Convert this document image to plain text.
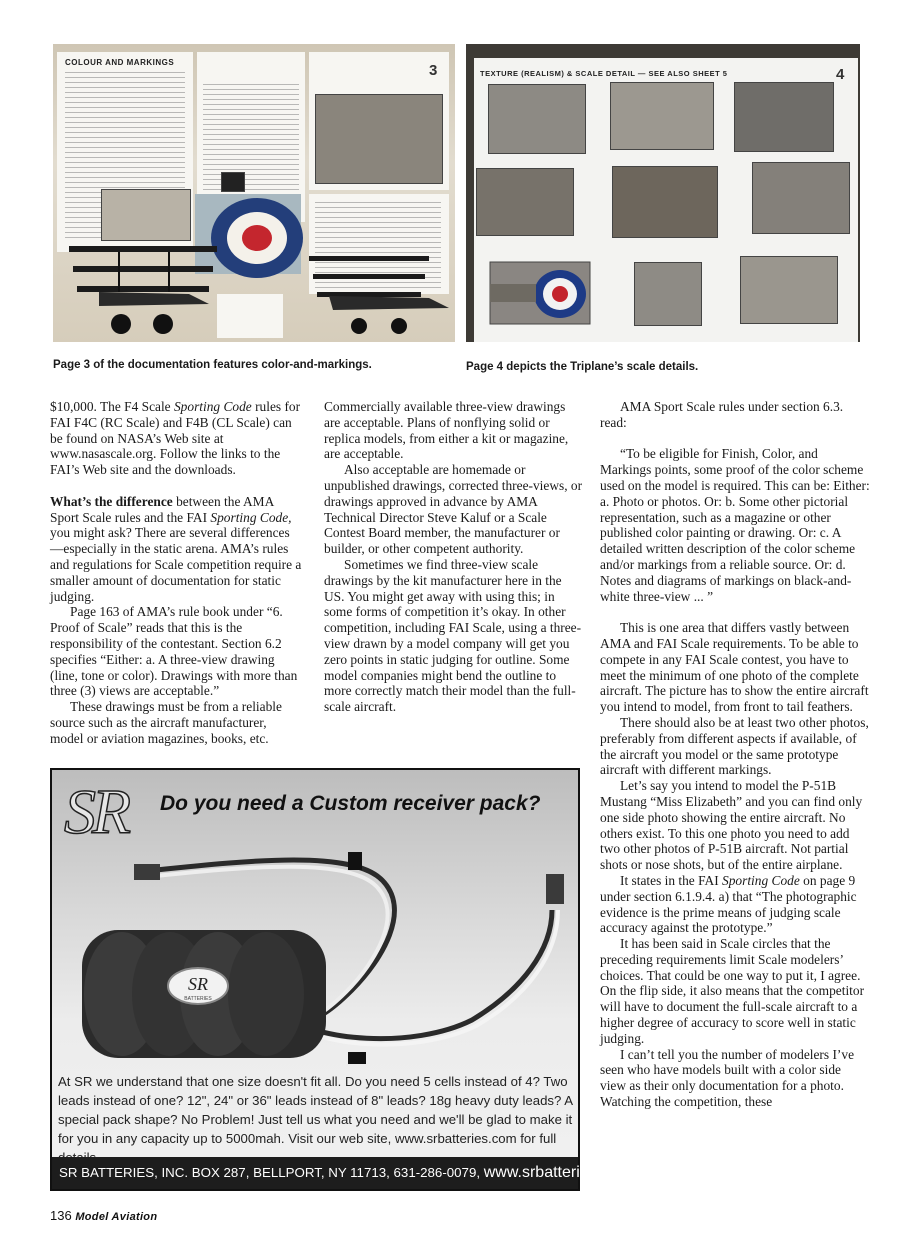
COLOUR AND MARKINGS	3	TEXTURE (REALISM) & SCALE DETAIL — SEE ALSO SHEET 5	4
Page 3 of the documentation features color-and-markings.	Page 4 depicts the Triplane’s scale details.

$10,000. The F4 Scale Sporting Code rules for FAI F4C (RC Scale) and F4B (CL Scale) can be found on NASA’s Web site at www.nasascale.org. Follow the links to the FAI’s Web site and the downloads.

What’s the difference between the AMA Sport Scale rules and the FAI Sporting Code, you might ask? There are several differences—especially in the static arena. AMA’s rules and regulations for Scale competition require a smaller amount of documentation for static judging.

Page 163 of AMA’s rule book under “6. Proof of Scale” reads that this is the responsibility of the contestant. Section 6.2 specifies “Either: a. A three-view drawing (line, tone or color). Drawings with more than three (3) views are acceptable.”

These drawings must be from a reliable source such as the aircraft manufacturer, model or aviation magazines, books, etc.

Commercially available three-view drawings are acceptable. Plans of nonflying solid or replica models, from either a kit or magazine, are acceptable.

Also acceptable are homemade or unpublished drawings, corrected three-views, or drawings approved in advance by AMA Technical Director Steve Kaluf or a Scale Contest Board member, the manufacturer or builder, or other competent authority.

Sometimes we find three-view scale drawings by the kit manufacturer here in the US. You might get away with using this; in some forms of competition it’s okay. In other competition, including FAI Scale, using a three-view drawn by a model company will get you zero points in static judging for outline. Some model companies might bend the outline to more correctly match their model than the full-scale aircraft.

AMA Sport Scale rules under section 6.3. read:

“To be eligible for Finish, Color, and Markings points, some proof of the color scheme used on the model is required. This can be: Either: a. Photo or photos. Or: b. Some other pictorial representation, such as a magazine or other published color painting or drawing. Or: c. A detailed written description of the color scheme and/or markings from a reliable source. Or: d. Notes and diagrams of markings on black-and-white three-view ... ”

This is one area that differs vastly between AMA and FAI Scale requirements. To be able to compete in any FAI Scale contest, you have to meet the minimum of one photo of the complete aircraft. The picture has to show the entire aircraft you intend to model, from front to tail feathers.

There should also be at least two other photos, preferably from different aspects if available, of the aircraft you model or the same prototype aircraft with different markings.

Let’s say you intend to model the P-51B Mustang “Miss Elizabeth” and you can find only one side photo showing the entire aircraft. No others exist. To this one photo you need to add two other photos of P-51B aircraft. Not partial shots or nose shots, but of the entire airplane.

It states in the FAI Sporting Code on page 9 under section 6.1.9.4. a) that “The photographic evidence is the prime means of judging scale accuracy against the prototype.”

It has been said in Scale circles that the preceding requirements limit Scale modelers’ choices. That could be one way to put it, I agree. On the flip side, it also means that the competitor will have to document the full-scale aircraft to a higher degree of accuracy to score well in static judging.

I can’t tell you the number of modelers I’ve seen who have models built with a color side view as their only documentation for a photo. Watching the competition, these

SR Do you need a Custom receiver pack?
SR
BATTERIES
At SR we understand that one size doesn't fit all. Do you need 5 cells instead of 4? Two leads instead of one? 12", 24" or 36" leads instead of 8" leads? 18g heavy duty leads? A special pack shape? No Problem! Just tell us what you need and we'll be glad to make it for you in any capacity up to 5000mah. Visit our web site, www.srbatteries.com for full
SR BATTERIES, INC. BOX 287, BELLPORT, NY 11713, 631-286-0079, www.srbatteries.com
136 Model Aviation
